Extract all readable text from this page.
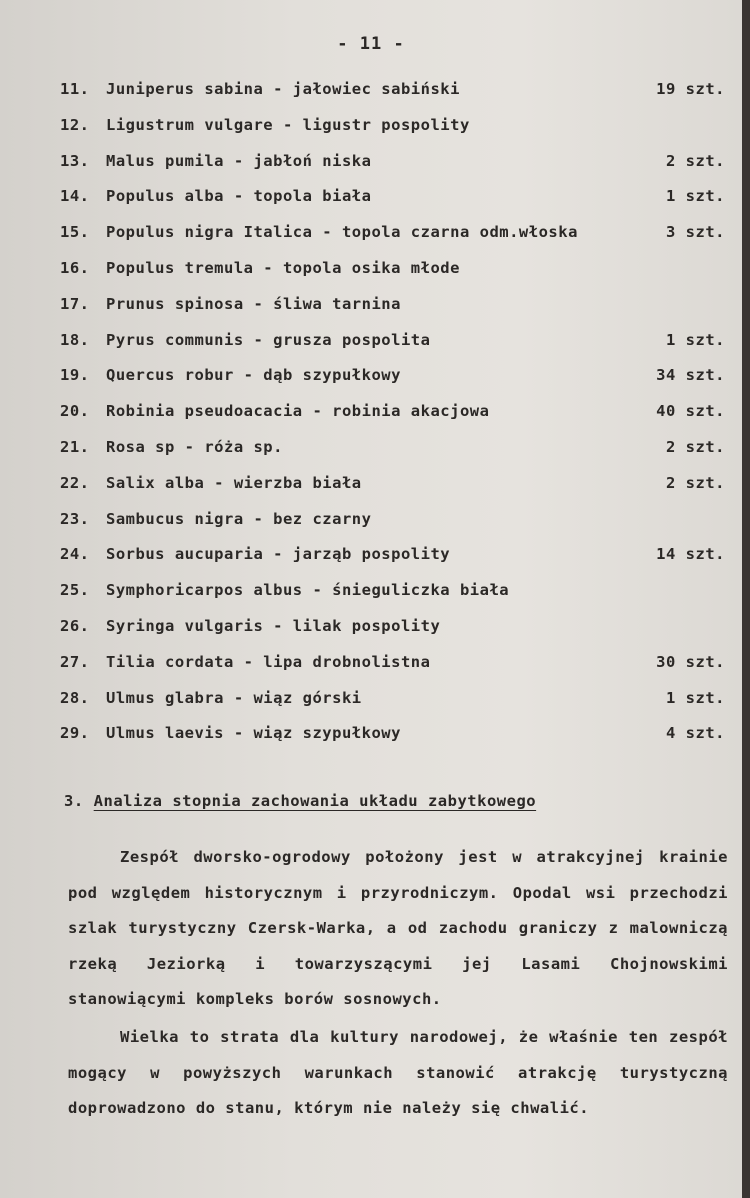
- 11 -
11. Juniperus sabina - jałowiec sabiński	19 szt.
12. Ligustrum vulgare - ligustr pospolity
13. Malus pumila - jabłoń niska	2 szt.
14. Populus alba - topola biała	1 szt.
15. Populus nigra Italica - topola czarna odm.włoska	3 szt.
16. Populus tremula - topola osika młode
17. Prunus spinosa - śliwa tarnina
18. Pyrus communis - grusza pospolita	1 szt.
19. Quercus robur - dąb szypułkowy	34 szt.
20. Robinia pseudoacacia - robinia akacjowa	40 szt.
21. Rosa sp - róża sp.	2 szt.
22. Salix alba - wierzba biała	2 szt.
23. Sambucus nigra - bez czarny
24. Sorbus aucuparia - jarząb pospolity	14 szt.
25. Symphoricarpos albus - śnieguliczka biała
26. Syringa vulgaris - lilak pospolity
27. Tilia cordata - lipa drobnolistna	30 szt.
28. Ulmus glabra - wiąz górski	1 szt.
29. Ulmus laevis - wiąz szypułkowy	4 szt.
3. Analiza stopnia zachowania układu zabytkowego
Zespół dworsko-ogrodowy położony jest w atrakcyjnej krainie pod względem historycznym i przyrodniczym. Opodal wsi przechodzi szlak turystyczny Czersk-Warka, a od zachodu graniczy z malowniczą rzeką Jeziorką i towarzyszącymi jej Lasami Chojnowskimi stanowiącymi kompleks borów sosnowych.
Wielka to strata dla kultury narodowej, że właśnie ten zespół mogący w powyższych warunkach stanowić atrakcję turystyczną doprowadzono do stanu, którym nie należy się chwalić.
